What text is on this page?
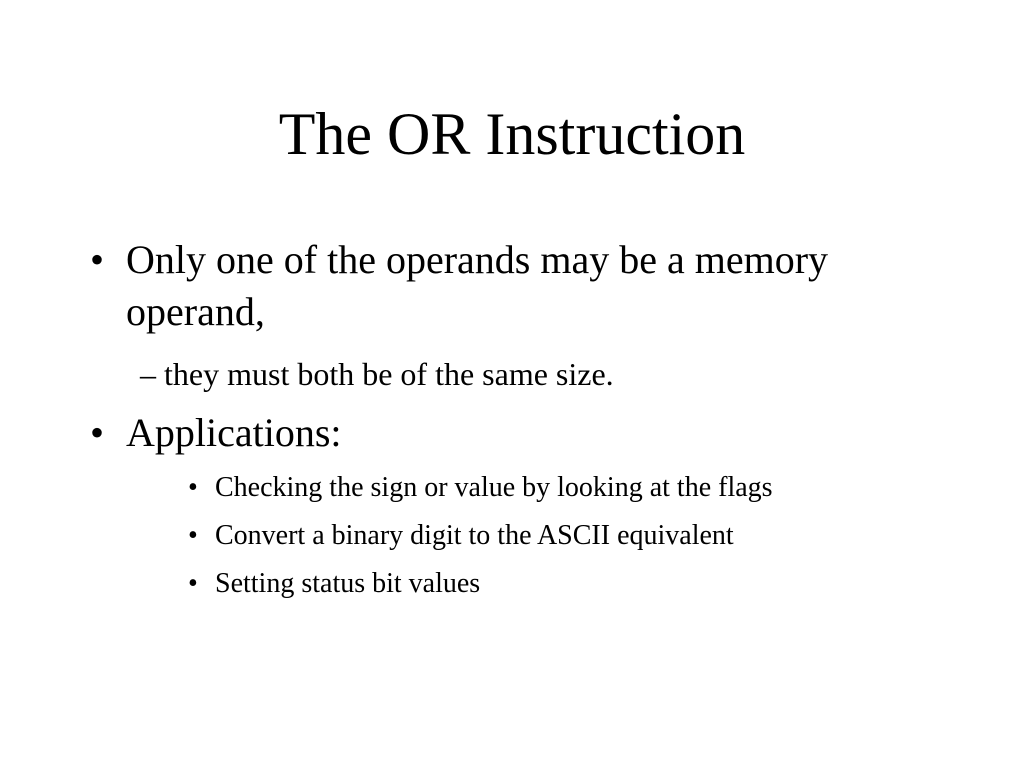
The OR Instruction
• Only one of the operands may be a memory operand,
– they must both be of the same size.
• Applications:
• Checking the sign or value by looking at the flags
• Convert a binary digit to the ASCII equivalent
• Setting status bit values
